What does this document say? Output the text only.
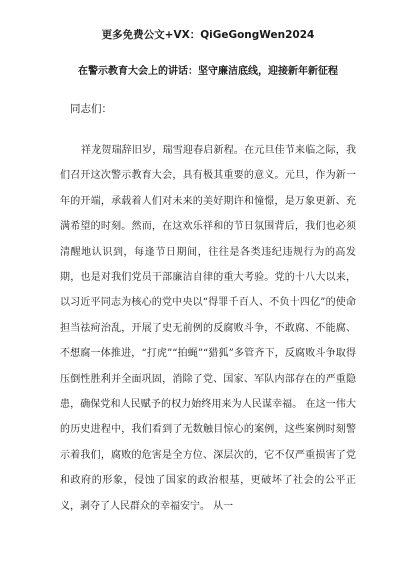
更多免费公文+VX：QiGeGongWen2024
在警示教育大会上的讲话：坚守廉洁底线，迎接新年新征程
同志们：

祥龙贺瑞辞旧岁，瑞雪迎春启新程。在元旦佳节来临之际，我们召开这次警示教育大会，具有极其重要的意义。元旦，作为新一年的开端，承载着人们对未来的美好期许和憧憬，是万象更新、充满希望的时刻。然而，在这欢乐祥和的节日氛围背后，我们也必须清醒地认识到，每逢节日期间，往往是各类违纪违规行为的高发期，也是对我们党员干部廉洁自律的重大考验。党的十八大以来，以习近平同志为核心的党中央以“得罪千百人、不负十四亿”的使命担当祛疴治乱，开展了史无前例的反腐败斗争，不敢腐、不能腐、不想腐一体推进，“打虎”“拍蝇”“猎狐”多管齐下，反腐败斗争取得压倒性胜利并全面巩固，消除了党、国家、军队内部存在的严重隐患，确保党和人民赋予的权力始终用来为人民谋幸福。 在这一伟大的历史进程中，我们看到了无数触目惊心的案例，这些案例时刻警示着我们，腐败的危害是全方位、深层次的，它不仅严重损害了党和政府的形象，侵蚀了国家的政治根基，更破坏了社会的公平正义，剥夺了人民群众的幸福安宁。 从一
